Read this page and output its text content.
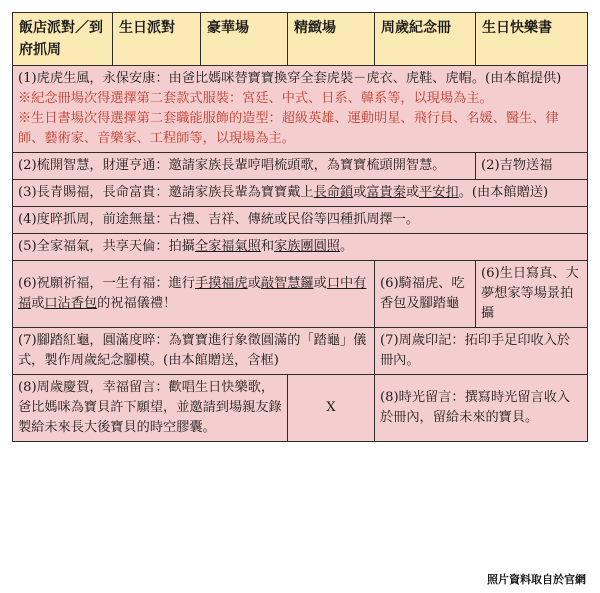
飯店派對／到府抓周	生日派對	豪華場	精緻場	周歲紀念冊	生日快樂書

(1)虎虎生風，永保安康：由爸比媽咪替寶寶換穿全套虎裝－虎衣、虎鞋、虎帽。(由本館提供)
※紀念冊場次得選擇第二套款式服裝：宮廷、中式、日系、韓系等，以現場為主。
※生日書場次得選擇第二套職能服飾的造型：超級英雄、運動明星、飛行員、名媛、醫生、律師、藝術家、音樂家、工程師等，以現場為主。					

(2)梳開智慧，財運亨通：邀請家族長輩哼唱梳頭歌，為寶寶梳頭開智慧。					(2)吉物送福
(3)長青賜福，長命富貴：邀請家族長輩為寶寶戴上長命鎖或富貴秦或平安扣。(由本館贈送)					
(4)度晬抓周，前途無量：古禮、吉祥、傳統或民俗等四種抓周擇一。					
(5)全家福氣，共享天倫：拍攝全家福氣照和家族團圓照。					
(6)祝願祈福，一生有福：進行手摸福虎或敲智慧鑼或口中有福或口沾香包的祝福儀禮！				(6)騎福虎、吃香包及腳踏龜	(6)生日寫真、大夢想家等場景拍攝
(7)腳踏紅龜，圓滿度晬：為寶寶進行象徵圓滿的「踏龜」儀式，製作周歲紀念腳模。(由本館贈送，含框)				(7)周歲印記：拓印手足印收入於冊內。	
(8)周歲慶賀，幸福留言：歡唱生日快樂歌，爸比媽咪為寶貝許下願望，並邀請到場親友錄製給未來長大後寶貝的時空膠囊。			X	(8)時光留言：撰寫時光留言收入於冊內，留給未來的寶貝。	
照片資料取自於官網
